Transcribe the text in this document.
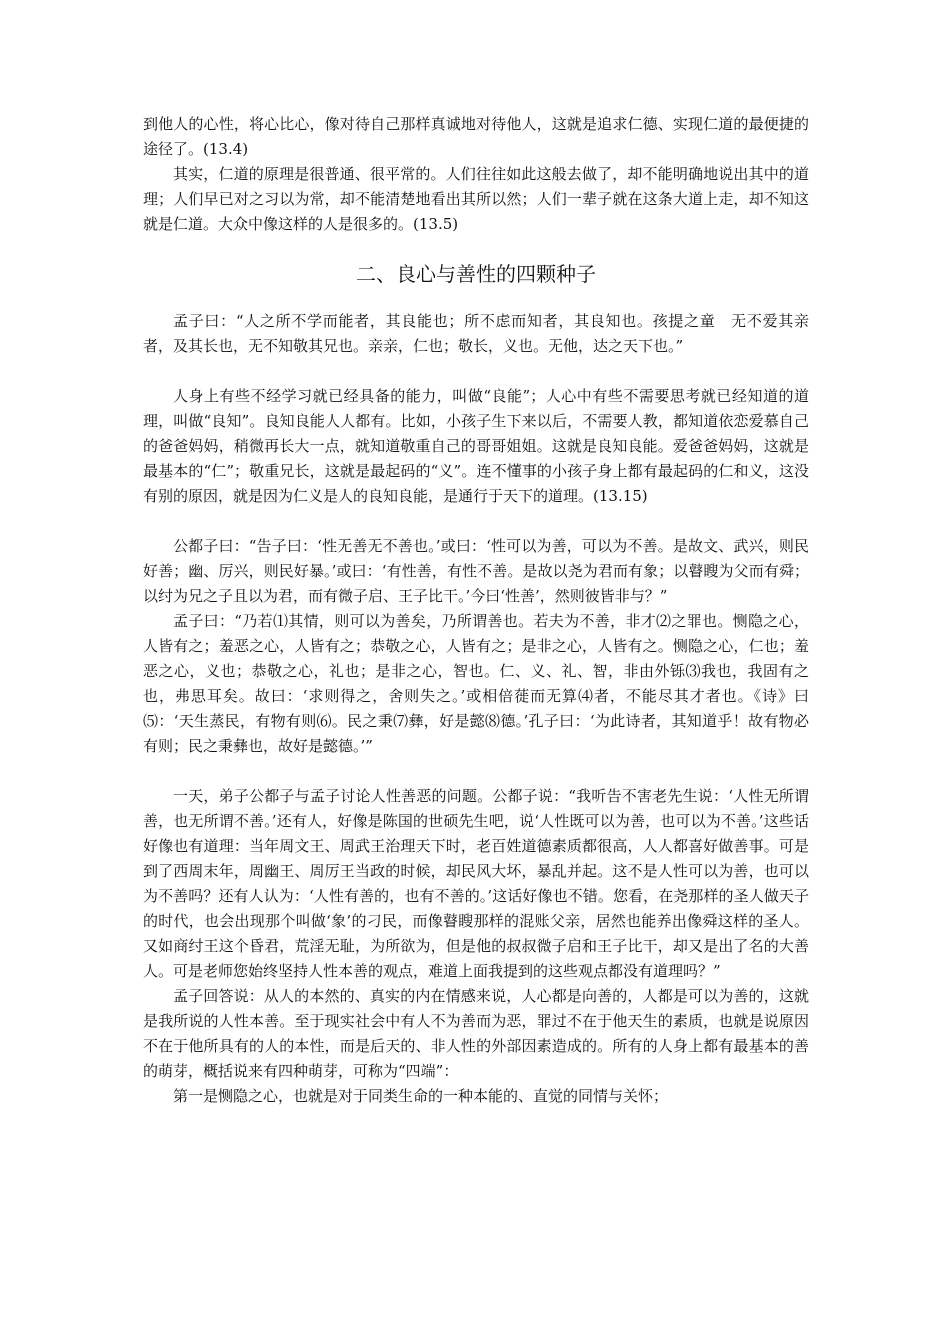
到他人的心性，将心比心，像对待自己那样真诚地对待他人，这就是追求仁德、实现仁道的最便捷的途径了。(13.4)

其实，仁道的原理是很普通、很平常的。人们往往如此这般去做了，却不能明确地说出其中的道理；人们早已对之习以为常，却不能清楚地看出其所以然；人们一辈子就在这条大道上走，却不知这就是仁道。大众中像这样的人是很多的。(13.5)

二、良心与善性的四颗种子

孟子曰：“人之所不学而能者，其良能也；所不虑而知者，其良知也。孩提之童　无不爱其亲者，及其长也，无不知敬其兄也。亲亲，仁也；敬长，义也。无他，达之天下也。”

人身上有些不经学习就已经具备的能力，叫做“良能”；人心中有些不需要思考就已经知道的道理，叫做“良知”。良知良能人人都有。比如，小孩子生下来以后，不需要人教，都知道依恋爱慕自己的爸爸妈妈，稍微再长大一点，就知道敬重自己的哥哥姐姐。这就是良知良能。爱爸爸妈妈，这就是最基本的“仁”；敬重兄长，这就是最起码的“义”。连不懂事的小孩子身上都有最起码的仁和义，这没有别的原因，就是因为仁义是人的良知良能，是通行于天下的道理。(13.15)

公都子曰：“告子曰：‘性无善无不善也。’或曰：‘性可以为善，可以为不善。是故文、武兴，则民好善；幽、厉兴，则民好暴。’或曰：‘有性善，有性不善。是故以尧为君而有象；以瞽瞍为父而有舜；以纣为兄之子且以为君，而有微子启、王子比干。’今曰‘性善’，然则彼皆非与？”

孟子曰：“乃若⑴其情，则可以为善矣，乃所谓善也。若夫为不善，非才⑵之罪也。恻隐之心，人皆有之；羞恶之心，人皆有之；恭敬之心，人皆有之；是非之心，人皆有之。恻隐之心，仁也；羞恶之心，义也；恭敬之心，礼也；是非之心，智也。仁、义、礼、智，非由外铄⑶我也，我固有之也，弗思耳矣。故曰：‘求则得之，舍则失之。’或相倍蓰而无算⑷者，不能尽其才者也。《诗》曰⑸：‘天生蒸民，有物有则⑹。民之秉⑺彝，好是懿⑻德。’孔子曰：‘为此诗者，其知道乎！故有物必有则；民之秉彝也，故好是懿德。’”

一天，弟子公都子与孟子讨论人性善恶的问题。公都子说：“我听告不害老先生说：‘人性无所谓善，也无所谓不善。’还有人，好像是陈国的世硕先生吧，说‘人性既可以为善，也可以为不善。’这些话好像也有道理：当年周文王、周武王治理天下时，老百姓道德素质都很高，人人都喜好做善事。可是到了西周末年，周幽王、周厉王当政的时候，却民风大坏，暴乱并起。这不是人性可以为善，也可以为不善吗？还有人认为：‘人性有善的，也有不善的。’这话好像也不错。您看，在尧那样的圣人做天子的时代，也会出现那个叫做‘象’的刁民，而像瞽瞍那样的混账父亲，居然也能养出像舜这样的圣人。又如商纣王这个昏君，荒淫无耻，为所欲为，但是他的叔叔微子启和王子比干，却又是出了名的大善人。可是老师您始终坚持人性本善的观点，难道上面我提到的这些观点都没有道理吗？”

孟子回答说：从人的本然的、真实的内在情感来说，人心都是向善的，人都是可以为善的，这就是我所说的人性本善。至于现实社会中有人不为善而为恶，罪过不在于他天生的素质，也就是说原因不在于他所具有的人的本性，而是后天的、非人性的外部因素造成的。所有的人身上都有最基本的善的萌芽，概括说来有四种萌芽，可称为“四端”：

第一是恻隐之心，也就是对于同类生命的一种本能的、直觉的同情与关怀；
